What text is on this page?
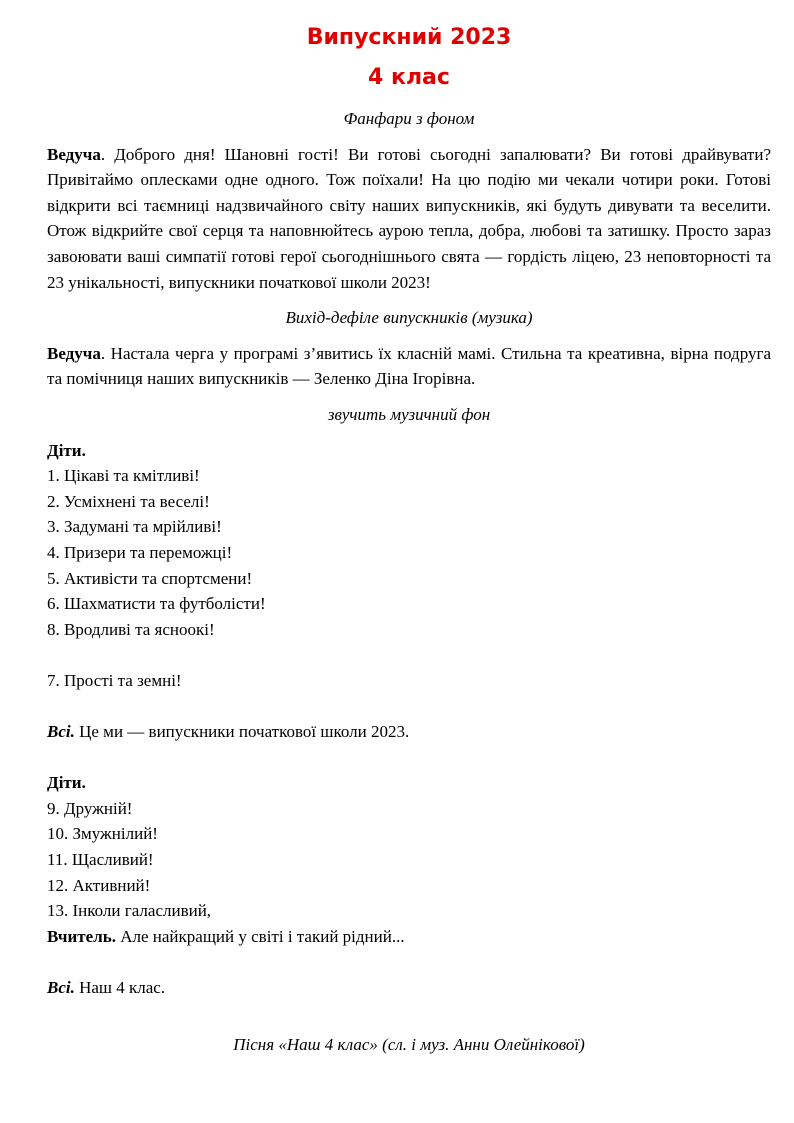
Випускний 2023
4 клас

Фанфари з фоном

Ведуча. Доброго дня! Шановні гості! Ви готові сьогодні запалювати? Ви готові драйвувати? Привітаймо оплесками одне одного. Тож поїхали! На цю подію ми чекали чотири роки. Готові відкрити всі таємниці надзвичайного світу наших випускників, які будуть дивувати та веселити. Отож відкрийте свої серця та наповнюйтесь аурою тепла, добра, любові та затишку. Просто зараз завоювати ваші симпатії готові герої сьогоднішнього свята — гордість ліцею, 23 неповторності та 23 унікальності, випускники початкової школи 2023!

Вихід-дефіле випускників (музика)

Ведуча. Настала черга у програмі з’явитись їх класній мамі. Стильна та креативна, вірна подруга та помічниця наших випускників — Зеленко Діна Ігорівна.

звучить музичний фон

Діти.
1. Цікаві та кмітливі!
2. Усміхнені та веселі!
3. Задумані та мрійливі!
4. Призери та переможці!
5. Активісти та спортсмени!
6. Шахматисти та футболісти!
8. Вродливі та ясноокі!
7. Прості та земні!
Всі. Це ми — випускники початкової школи 2023.
Діти.
9. Дружній!
10. Змужнілий!
11. Щасливий!
12. Активний!
13. Інколи галасливий,
Вчитель. Але найкращий у світі і такий рідний...
Всі. Наш 4 клас.

Пісня «Наш 4 клас» (сл. і муз. Анни Олейнікової)
